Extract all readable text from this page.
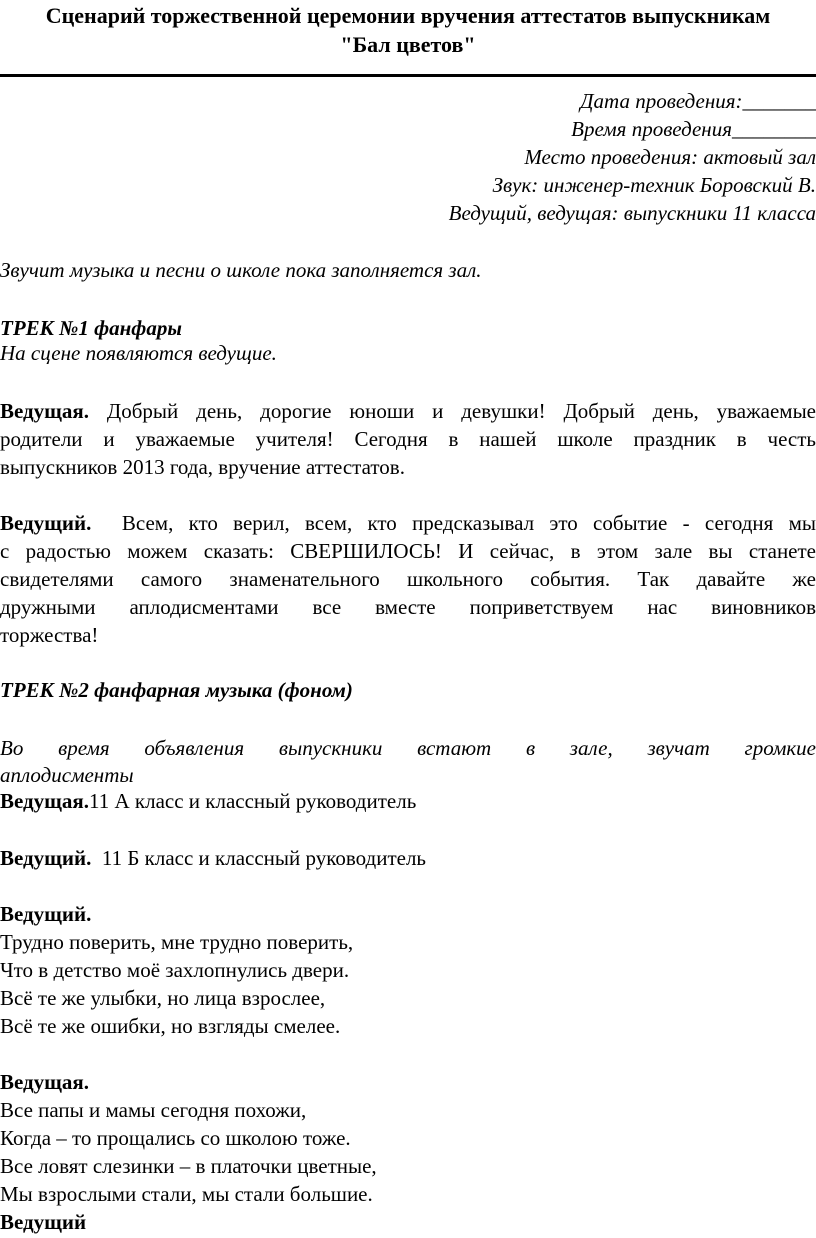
Сценарий торжественной церемонии вручения аттестатов выпускникам
"Бал цветов"
Дата проведения:_______
Время проведения________
Место проведения: актовый зал
Звук: инженер-техник Боровский В.
Ведущий, ведущая: выпускники 11 класса
Звучит музыка и песни о школе пока заполняется зал.
ТРЕК №1 фанфары
На сцене появляются ведущие.
Ведущая. Добрый день, дорогие юноши и девушки! Добрый день, уважаемые
родители и уважаемые учителя! Сегодня в нашей школе праздник в честь
выпускников 2013 года, вручение аттестатов.
Ведущий. Всем, кто верил, всем, кто предсказывал это событие - сегодня мы
с радостью можем сказать: СВЕРШИЛОСЬ! И сейчас, в этом зале вы станете
свидетелями самого знаменательного школьного события. Так давайте же
дружными аплодисментами все вместе поприветствуем нас виновников
торжества!
ТРЕК №2 фанфарная музыка (фоном)
Во время объявления выпускники встают в зале, звучат громкие
аплодисменты
Ведущая.11 А класс и классный руководитель
Ведущий. 11 Б класс и классный руководитель
Ведущий.
Трудно поверить, мне трудно поверить,
Что в детство моё захлопнулись двери.
Всё те же улыбки, но лица взрослее,
Всё те же ошибки, но взгляды смелее.
Ведущая.
Все папы и мамы сегодня похожи,
Когда – то прощались со школою тоже.
Все ловят слезинки – в платочки цветные,
Мы взрослыми стали, мы стали большие.
Ведущий
